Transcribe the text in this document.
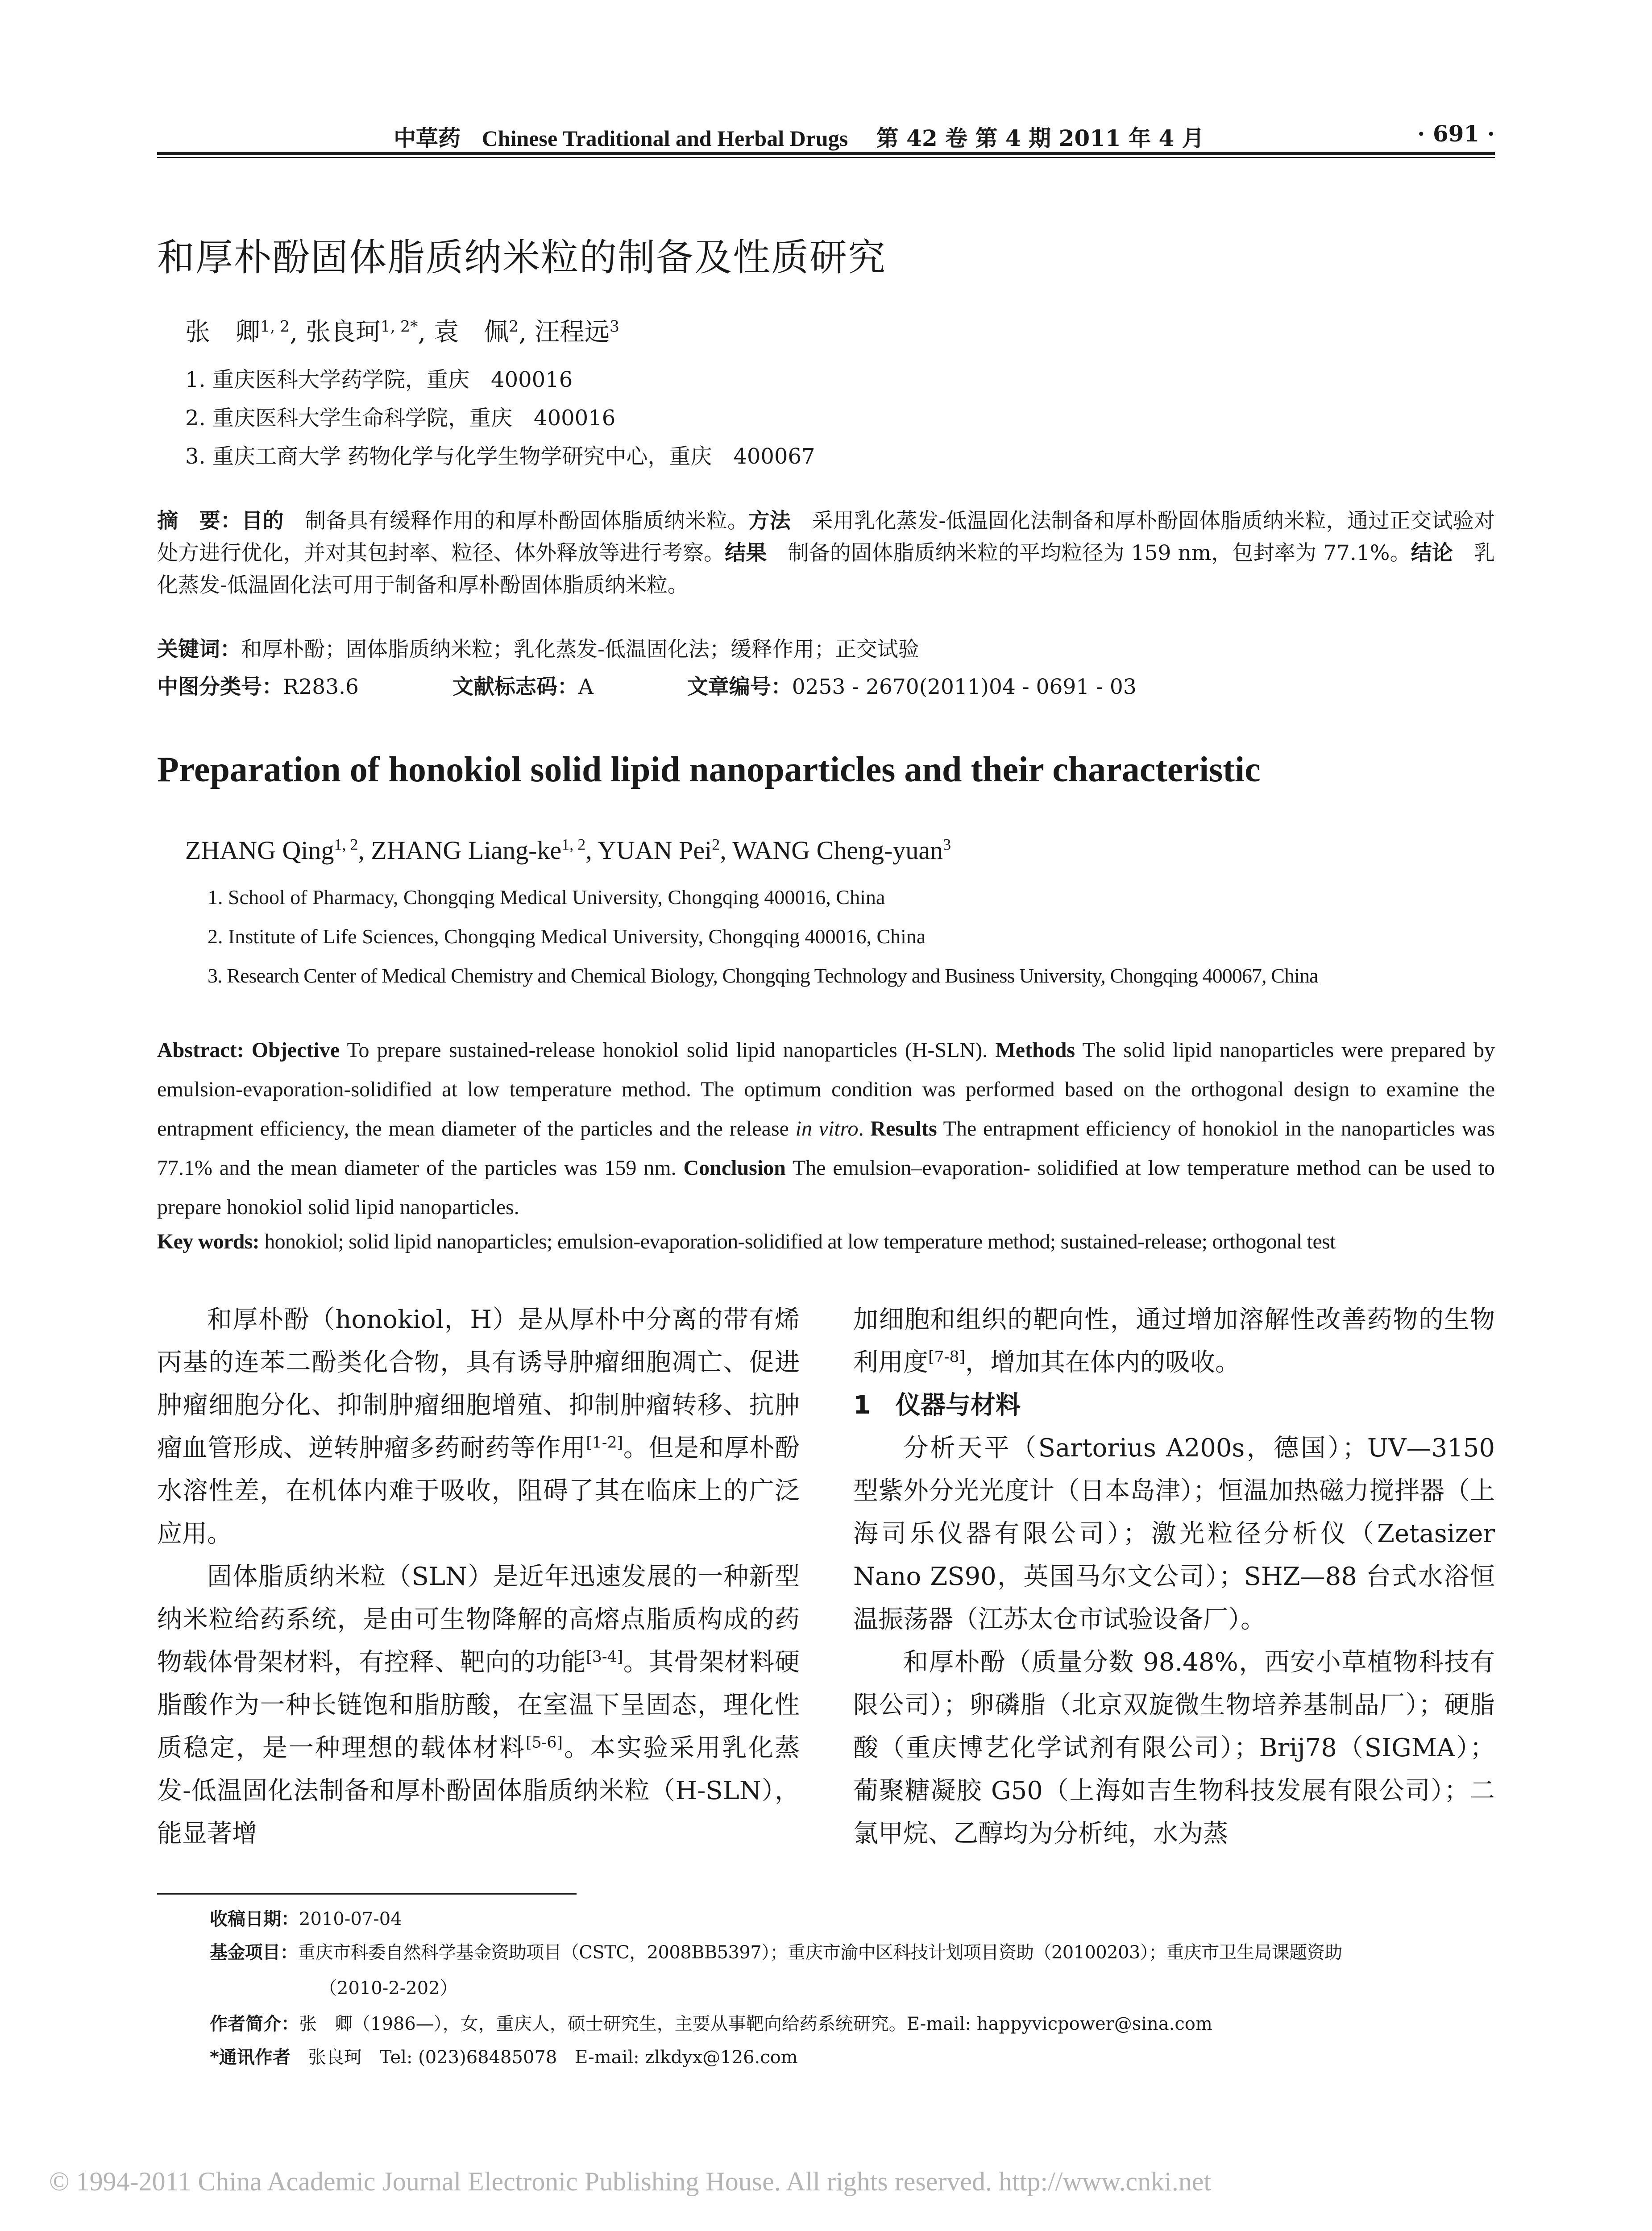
中草药 Chinese Traditional and Herbal Drugs 第 42 卷 第 4 期 2011 年 4 月	· 691 ·
和厚朴酚固体脂质纳米粒的制备及性质研究
张　卿$^{1, 2}$, 张良珂$^{1, 2*}$, 袁　佩$^2$, 汪程远$^3$
1. 重庆医科大学药学院，重庆　400016
2. 重庆医科大学生命科学院，重庆　400016
3. 重庆工商大学 药物化学与化学生物学研究中心，重庆　400067
摘　要：目的　制备具有缓释作用的和厚朴酚固体脂质纳米粒。方法　采用乳化蒸发-低温固化法制备和厚朴酚固体脂质纳米粒，通过正交试验对处方进行优化，并对其包封率、粒径、体外释放等进行考察。结果　制备的固体脂质纳米粒的平均粒径为 159 nm，包封率为 77.1%。结论　乳化蒸发-低温固化法可用于制备和厚朴酚固体脂质纳米粒。
关键词：和厚朴酚；固体脂质纳米粒；乳化蒸发-低温固化法；缓释作用；正交试验
中图分类号：R283.6	文献标志码：A	文章编号：0253 - 2670(2011)04 - 0691 - 03
Preparation of honokiol solid lipid nanoparticles and their characteristic
ZHANG Qing$^{1, 2}$, ZHANG Liang-ke$^{1, 2}$, YUAN Pei$^2$, WANG Cheng-yuan$^3$
1. School of Pharmacy, Chongqing Medical University, Chongqing 400016, China
2. Institute of Life Sciences, Chongqing Medical University, Chongqing 400016, China
3. Research Center of Medical Chemistry and Chemical Biology, Chongqing Technology and Business University, Chongqing 400067, China
Abstract: Objective To prepare sustained-release honokiol solid lipid nanoparticles (H-SLN). Methods The solid lipid nanoparticles were prepared by emulsion-evaporation-solidified at low temperature method. The optimum condition was performed based on the orthogonal design to examine the entrapment efficiency, the mean diameter of the particles and the release in vitro. Results The entrapment efficiency of honokiol in the nanoparticles was 77.1% and the mean diameter of the particles was 159 nm. Conclusion The emulsion–evaporation- solidified at low temperature method can be used to prepare honokiol solid lipid nanoparticles.
Key words: honokiol; solid lipid nanoparticles; emulsion-evaporation-solidified at low temperature method; sustained-release; orthogonal test

和厚朴酚（honokiol，H）是从厚朴中分离的带有烯丙基的连苯二酚类化合物，具有诱导肿瘤细胞凋亡、促进肿瘤细胞分化、抑制肿瘤细胞增殖、抑制肿瘤转移、抗肿瘤血管形成、逆转肿瘤多药耐药等作用[1-2]。但是和厚朴酚水溶性差，在机体内难于吸收，阻碍了其在临床上的广泛应用。

固体脂质纳米粒（SLN）是近年迅速发展的一种新型纳米粒给药系统，是由可生物降解的高熔点脂质构成的药物载体骨架材料，有控释、靶向的功能[3-4]。其骨架材料硬脂酸作为一种长链饱和脂肪酸，在室温下呈固态，理化性质稳定，是一种理想的载体材料[5-6]。本实验采用乳化蒸发-低温固化法制备和厚朴酚固体脂质纳米粒（H-SLN），能显著增

加细胞和组织的靶向性，通过增加溶解性改善药物的生物利用度[7-8]，增加其在体内的吸收。

1　仪器与材料

分析天平（Sartorius A200s，德国）；UV—3150 型紫外分光光度计（日本岛津）；恒温加热磁力搅拌器（上海司乐仪器有限公司）；激光粒径分析仪（Zetasizer Nano ZS90，英国马尔文公司）；SHZ—88 台式水浴恒温振荡器（江苏太仓市试验设备厂）。

和厚朴酚（质量分数 98.48%，西安小草植物科技有限公司）；卵磷脂（北京双旋微生物培养基制品厂）；硬脂酸（重庆博艺化学试剂有限公司）；Brij78（SIGMA）；葡聚糖凝胶 G50（上海如吉生物科技发展有限公司）；二氯甲烷、乙醇均为分析纯，水为蒸

收稿日期：2010-07-04
基金项目：重庆市科委自然科学基金资助项目（CSTC，2008BB5397）；重庆市渝中区科技计划项目资助（20100203）；重庆市卫生局课题资助
（2010-2-202）
作者简介：张　卿（1986—），女，重庆人，硕士研究生，主要从事靶向给药系统研究。E-mail: happyvicpower@sina.com
*通讯作者　张良珂　Tel: (023)68485078　E-mail: zlkdyx@126.com
© 1994-2011 China Academic Journal Electronic Publishing House. All rights reserved. http://www.cnki.net
